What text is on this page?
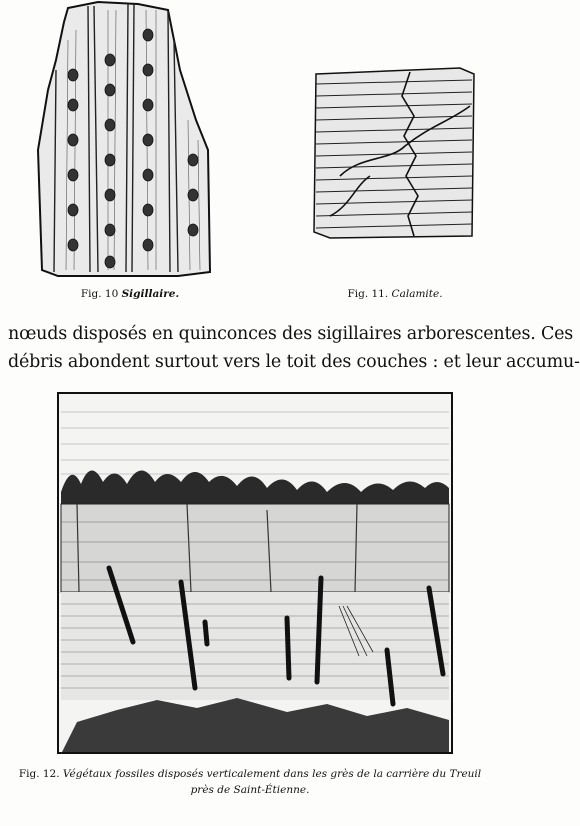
Fig. 10 Sigillaire.	Fig. 11. Calamite.
nœuds disposés en quinconces des sigillaires arborescentes. Ces
débris abondent surtout vers le toit des couches : et leur accumu-
Fig. 12. Végétaux fossiles disposés verticalement dans les grès de la carrière du Treuil
près de Saint-Étienne.
